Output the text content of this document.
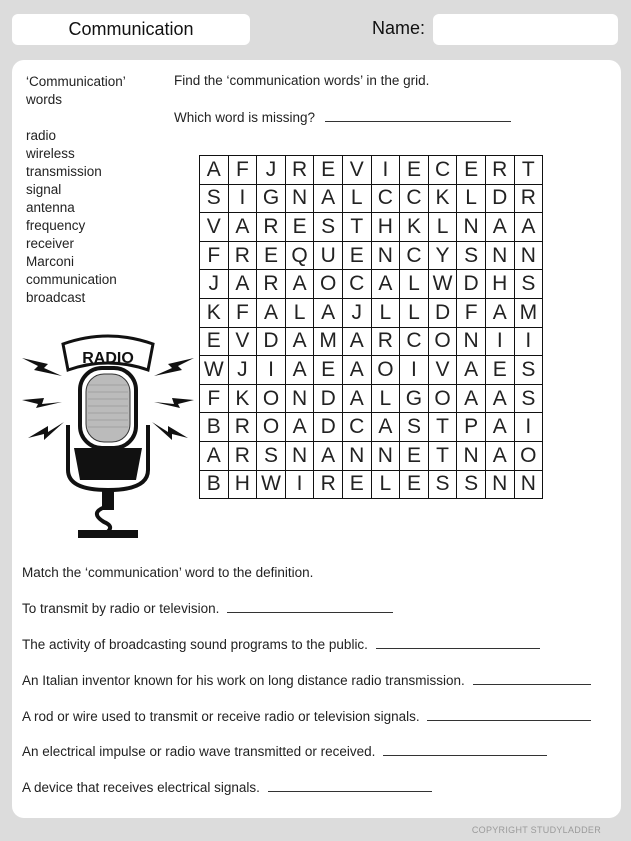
Communication	Name:
‘Communication’ words
radio
wireless
transmission
signal
antenna
frequency
receiver
Marconi
communication
broadcast
Find the ‘communication words’ in the grid.
Which word is missing?
A	F	J	R	E	V	I	E	C	E	R	T
S	I	G	N	A	L	C	C	K	L	D	R
V	A	R	E	S	T	H	K	L	N	A	A
F	R	E	Q	U	E	N	C	Y	S	N	N
J	A	R	A	O	C	A	L	W	D	H	S
K	F	A	L	A	J	L	L	D	F	A	M
E	V	D	A	M	A	R	C	O	N	I	I
W	J	I	A	E	A	O	I	V	A	E	S
F	K	O	N	D	A	L	G	O	A	A	S
B	R	O	A	D	C	A	S	T	P	A	I
A	R	S	N	A	N	N	E	T	N	A	O
B	H	W	I	R	E	L	E	S	S	N	N
RADIO
Match the ‘communication’ word to the definition.
To transmit by radio or television.
The activity of broadcasting sound programs to the public.
An Italian inventor known for his work on long distance radio transmission.
A rod or wire used to transmit or receive radio or television signals.
An electrical impulse or radio wave transmitted or received.
A device that receives electrical signals.
COPYRIGHT STUDYLADDER
